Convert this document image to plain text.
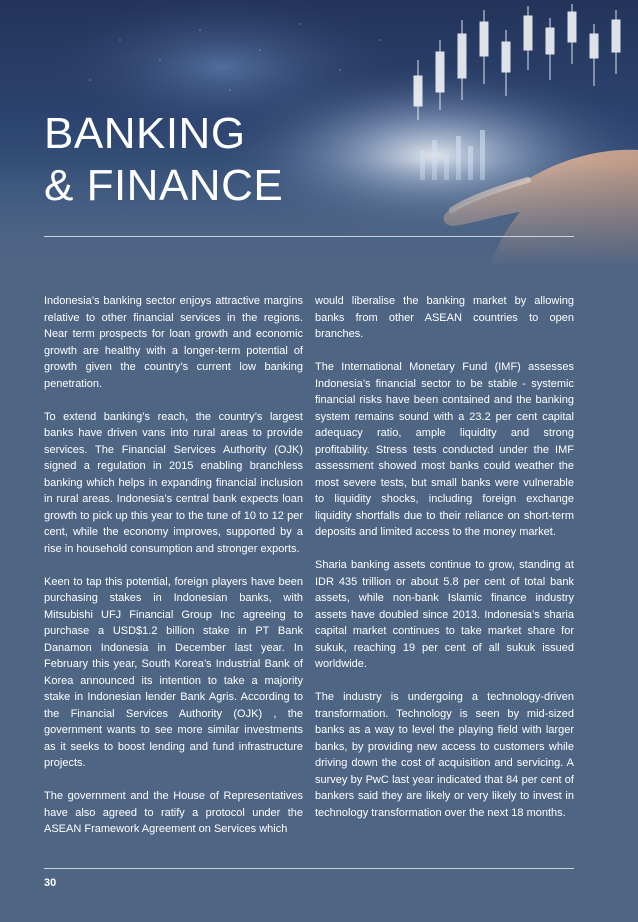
BANKING
& FINANCE

Indonesia’s banking sector enjoys attractive margins relative to other financial services in the regions. Near term prospects for loan growth and economic growth are healthy with a longer-term potential of growth given the country’s current low banking penetration.

To extend banking’s reach, the country’s largest banks have driven vans into rural areas to provide services. The Financial Services Authority (OJK) signed a regulation in 2015 enabling branchless banking which helps in expanding financial inclusion in rural areas. Indonesia’s central bank expects loan growth to pick up this year to the tune of 10 to 12 per cent, while the economy improves, supported by a rise in household consumption and stronger exports.

Keen to tap this potential, foreign players have been purchasing stakes in Indonesian banks, with Mitsubishi UFJ Financial Group Inc agreeing to purchase a USD$1.2 billion stake in PT Bank Danamon Indonesia in December last year. In February this year, South Korea’s Industrial Bank of Korea announced its intention to take a majority stake in Indonesian lender Bank Agris. According to the Financial Services Authority (OJK) , the government wants to see more similar investments as it seeks to boost lending and fund infrastructure projects.

The government and the House of Representatives have also agreed to ratify a protocol under the ASEAN Framework Agreement on Services which

would liberalise the banking market by allowing banks from other ASEAN countries to open branches.

The International Monetary Fund (IMF) assesses Indonesia’s financial sector to be stable - systemic financial risks have been contained and the banking system remains sound with a 23.2 per cent capital adequacy ratio, ample liquidity and strong profitability. Stress tests conducted under the IMF assessment showed most banks could weather the most severe tests, but small banks were vulnerable to liquidity shocks, including foreign exchange liquidity shortfalls due to their reliance on short-term deposits and limited access to the money market.

Sharia banking assets continue to grow, standing at IDR 435 trillion or about 5.8 per cent of total bank assets, while non-bank Islamic finance industry assets have doubled since 2013. Indonesia’s sharia capital market continues to take market share for sukuk, reaching 19 per cent of all sukuk issued worldwide.

The industry is undergoing a technology-driven transformation. Technology is seen by mid-sized banks as a way to level the playing field with larger banks, by providing new access to customers while driving down the cost of acquisition and servicing. A survey by PwC last year indicated that 84 per cent of bankers said they are likely or very likely to invest in technology transformation over the next 18 months.

30
